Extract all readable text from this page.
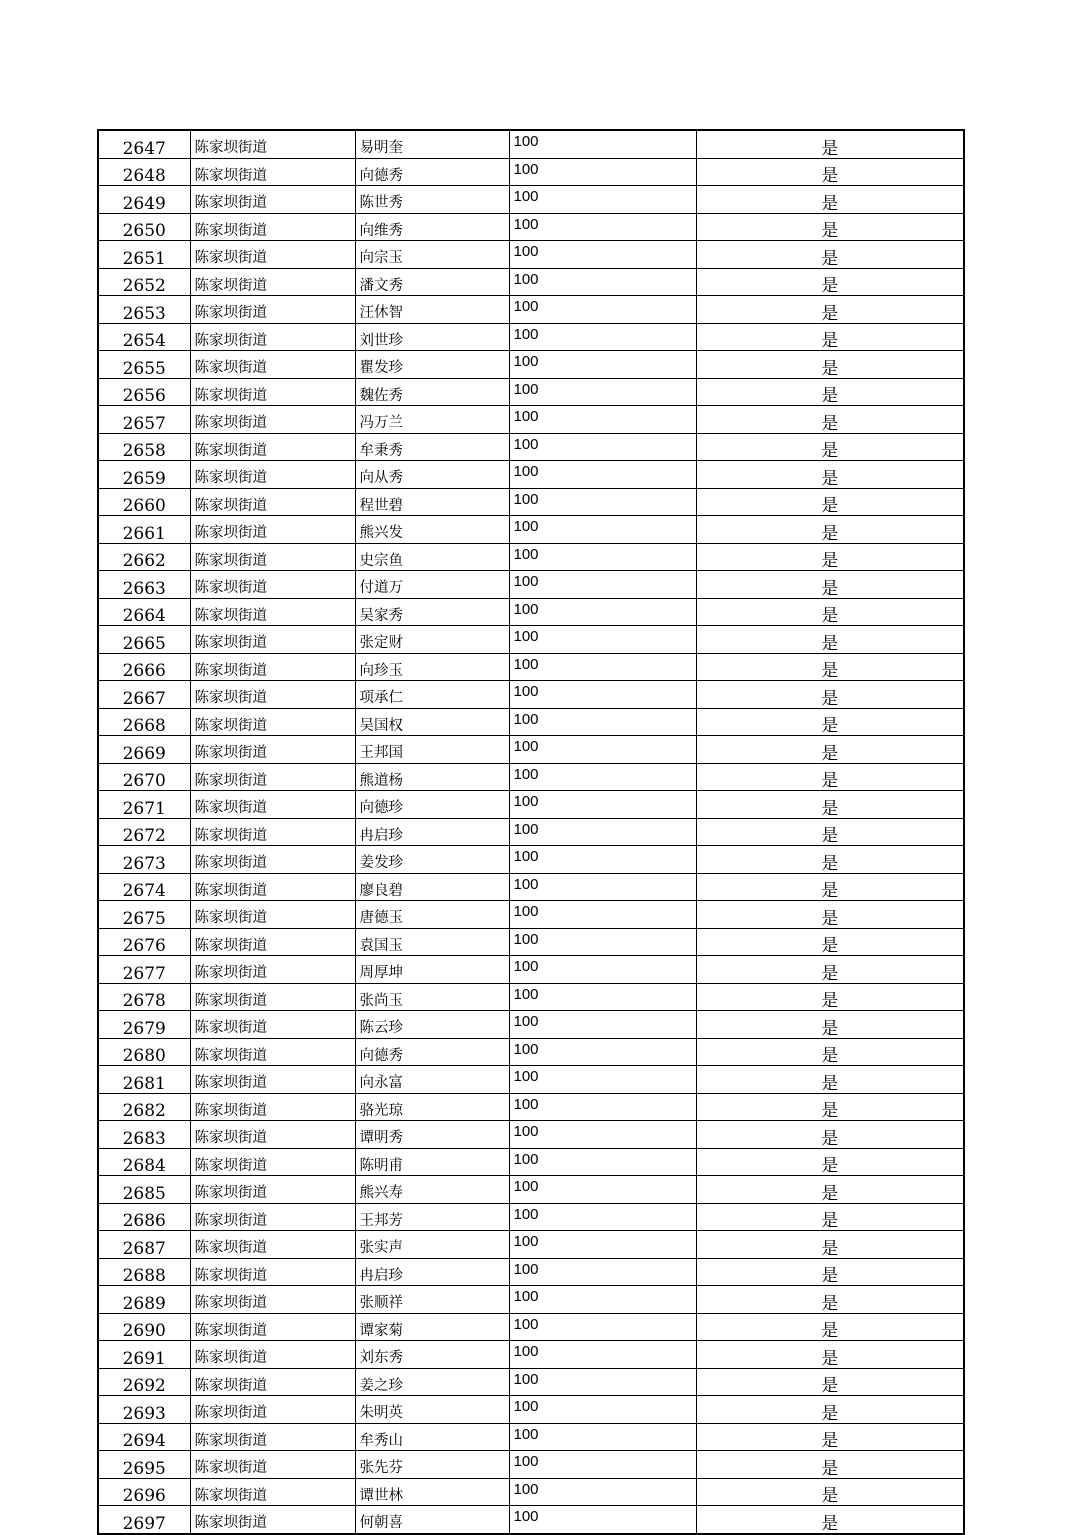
2647	陈家坝街道	易明奎	100	是
2648	陈家坝街道	向德秀	100	是
2649	陈家坝街道	陈世秀	100	是
2650	陈家坝街道	向维秀	100	是
2651	陈家坝街道	向宗玉	100	是
2652	陈家坝街道	潘文秀	100	是
2653	陈家坝街道	汪休智	100	是
2654	陈家坝街道	刘世珍	100	是
2655	陈家坝街道	瞿发珍	100	是
2656	陈家坝街道	魏佐秀	100	是
2657	陈家坝街道	冯万兰	100	是
2658	陈家坝街道	牟秉秀	100	是
2659	陈家坝街道	向从秀	100	是
2660	陈家坝街道	程世碧	100	是
2661	陈家坝街道	熊兴发	100	是
2662	陈家坝街道	史宗鱼	100	是
2663	陈家坝街道	付道万	100	是
2664	陈家坝街道	吴家秀	100	是
2665	陈家坝街道	张定财	100	是
2666	陈家坝街道	向珍玉	100	是
2667	陈家坝街道	项承仁	100	是
2668	陈家坝街道	吴国权	100	是
2669	陈家坝街道	王邦国	100	是
2670	陈家坝街道	熊道杨	100	是
2671	陈家坝街道	向德珍	100	是
2672	陈家坝街道	冉启珍	100	是
2673	陈家坝街道	姜发珍	100	是
2674	陈家坝街道	廖良碧	100	是
2675	陈家坝街道	唐德玉	100	是
2676	陈家坝街道	袁国玉	100	是
2677	陈家坝街道	周厚坤	100	是
2678	陈家坝街道	张尚玉	100	是
2679	陈家坝街道	陈云珍	100	是
2680	陈家坝街道	向德秀	100	是
2681	陈家坝街道	向永富	100	是
2682	陈家坝街道	骆光琼	100	是
2683	陈家坝街道	谭明秀	100	是
2684	陈家坝街道	陈明甫	100	是
2685	陈家坝街道	熊兴寿	100	是
2686	陈家坝街道	王邦芳	100	是
2687	陈家坝街道	张实声	100	是
2688	陈家坝街道	冉启珍	100	是
2689	陈家坝街道	张顺祥	100	是
2690	陈家坝街道	谭家菊	100	是
2691	陈家坝街道	刘东秀	100	是
2692	陈家坝街道	姜之珍	100	是
2693	陈家坝街道	朱明英	100	是
2694	陈家坝街道	牟秀山	100	是
2695	陈家坝街道	张先芬	100	是
2696	陈家坝街道	谭世林	100	是
2697	陈家坝街道	何朝喜	100	是
